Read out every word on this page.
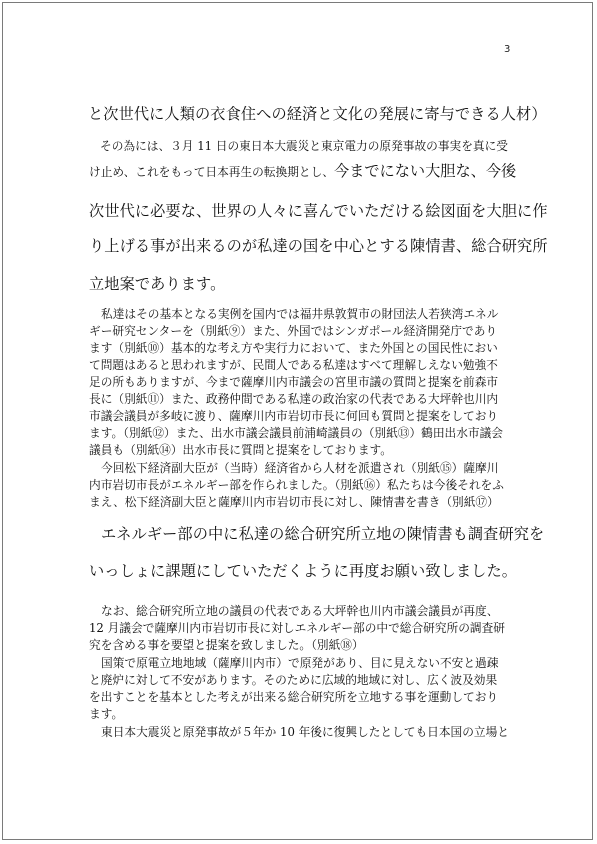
3
と次世代に人類の衣食住への経済と文化の発展に寄与できる人材）
その為には、３月 11 日の東日本大震災と東京電力の原発事故の事実を真に受
け止め、これをもって日本再生の転換期とし、今までにない大胆な、今後
次世代に必要な、世界の人々に喜んでいただける絵図面を大胆に作
り上げる事が出来るのが私達の国を中心とする陳情書、総合研究所
立地案であります。
私達はその基本となる実例を国内では福井県敦賀市の財団法人若狭湾エネル
ギー研究センターを（別紙⑨）また、外国ではシンガポール経済開発庁であり
ます（別紙⑩）基本的な考え方や実行力において、また外国との国民性におい
て問題はあると思われますが、民間人である私達はすべて理解しえない勉強不
足の所もありますが、今まで薩摩川内市議会の宮里市議の質問と提案を前森市
長に（別紙⑪）また、政務仲間である私達の政治家の代表である大坪幹也川内
市議会議員が多岐に渡り、薩摩川内市岩切市長に何回も質問と提案をしており
ます。（別紙⑫）また、出水市議会議員前浦崎議員の（別紙⑬）鶴田出水市議会
議員も（別紙⑭）出水市長に質問と提案をしております。
今回松下経済副大臣が（当時）経済省から人材を派遣され（別紙⑮）薩摩川
内市岩切市長がエネルギー部を作られました。（別紙⑯）私たちは今後それをふ
まえ、松下経済副大臣と薩摩川内市岩切市長に対し、陳情書を書き（別紙⑰）
エネルギー部の中に私達の総合研究所立地の陳情書も調査研究を
いっしょに課題にしていただくように再度お願い致しました。
なお、総合研究所立地の議員の代表である大坪幹也川内市議会議員が再度、
12 月議会で薩摩川内市岩切市長に対しエネルギー部の中で総合研究所の調査研
究を含める事を要望と提案を致しました。（別紙⑱）
国策で原電立地地域（薩摩川内市）で原発があり、目に見えない不安と過疎
と廃炉に対して不安があります。そのために広域的地域に対し、広く波及効果
を出すことを基本とした考えが出来る総合研究所を立地する事を運動しており
ます。
東日本大震災と原発事故が５年か 10 年後に復興したとしても日本国の立場と
